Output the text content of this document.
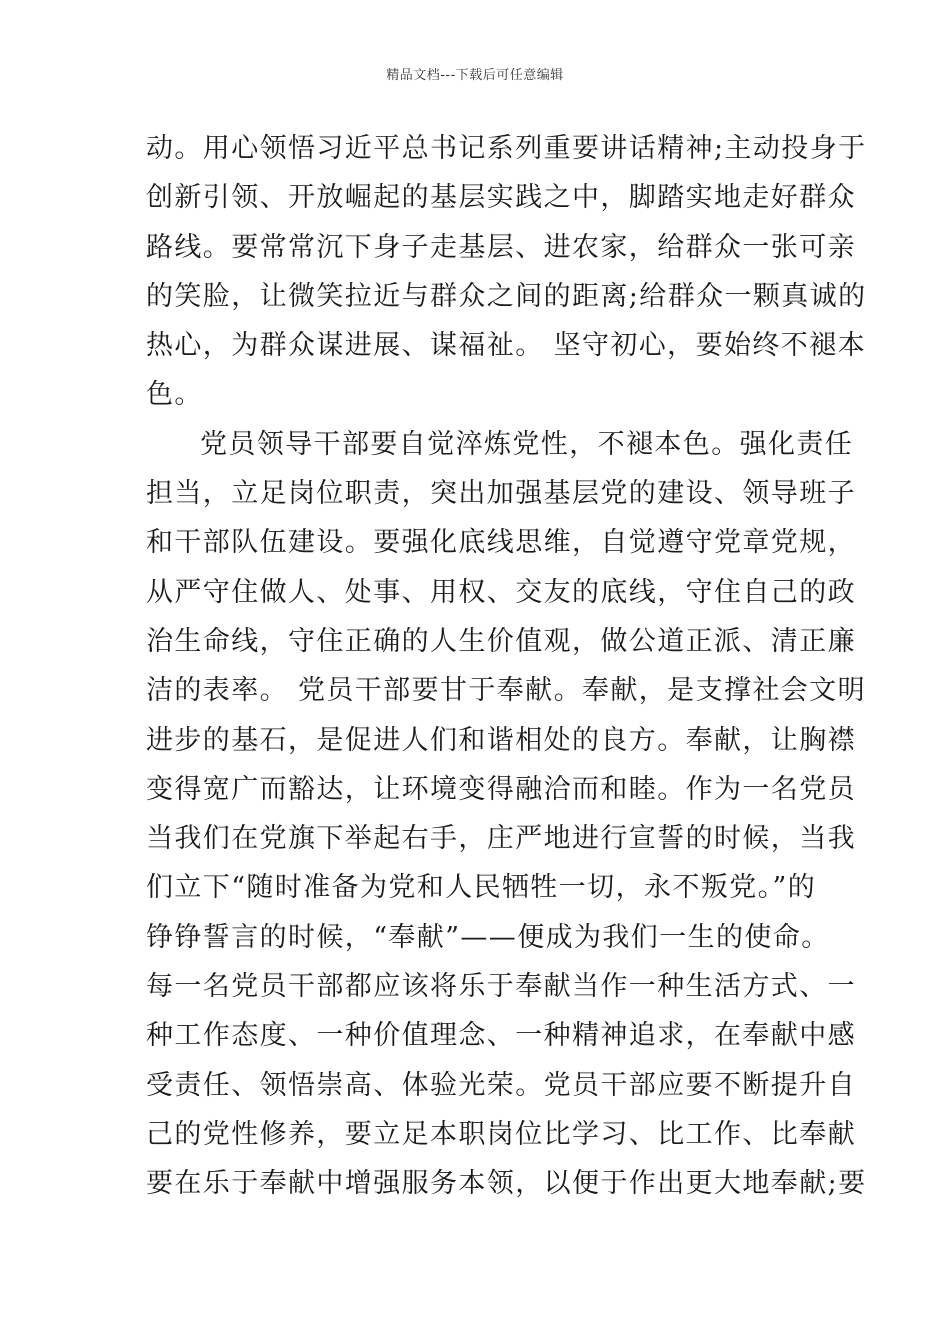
精品文档---下载后可任意编辑
动。用心领悟习近平总书记系列重要讲话精神;主动投身于
创新引领、开放崛起的基层实践之中，脚踏实地走好群众
路线。要常常沉下身子走基层、进农家，给群众一张可亲
的笑脸，让微笑拉近与群众之间的距离;给群众一颗真诚的
热心，为群众谋进展、谋福祉。 坚守初心，要始终不褪本
色。
党员领导干部要自觉淬炼党性，不褪本色。强化责任
担当，立足岗位职责，突出加强基层党的建设、领导班子
和干部队伍建设。要强化底线思维，自觉遵守党章党规，
从严守住做人、处事、用权、交友的底线，守住自己的政
治生命线，守住正确的人生价值观，做公道正派、清正廉
洁的表率。 党员干部要甘于奉献。奉献，是支撑社会文明
进步的基石，是促进人们和谐相处的良方。奉献，让胸襟
变得宽广而豁达，让环境变得融洽而和睦。作为一名党员
当我们在党旗下举起右手，庄严地进行宣誓的时候，当我
们立下“随时准备为党和人民牺牲一切，永不叛党。”的
铮铮誓言的时候，“奉献”——便成为我们一生的使命。
每一名党员干部都应该将乐于奉献当作一种生活方式、一
种工作态度、一种价值理念、一种精神追求，在奉献中感
受责任、领悟崇高、体验光荣。党员干部应要不断提升自
己的党性修养，要立足本职岗位比学习、比工作、比奉献
要在乐于奉献中增强服务本领，以便于作出更大地奉献;要
